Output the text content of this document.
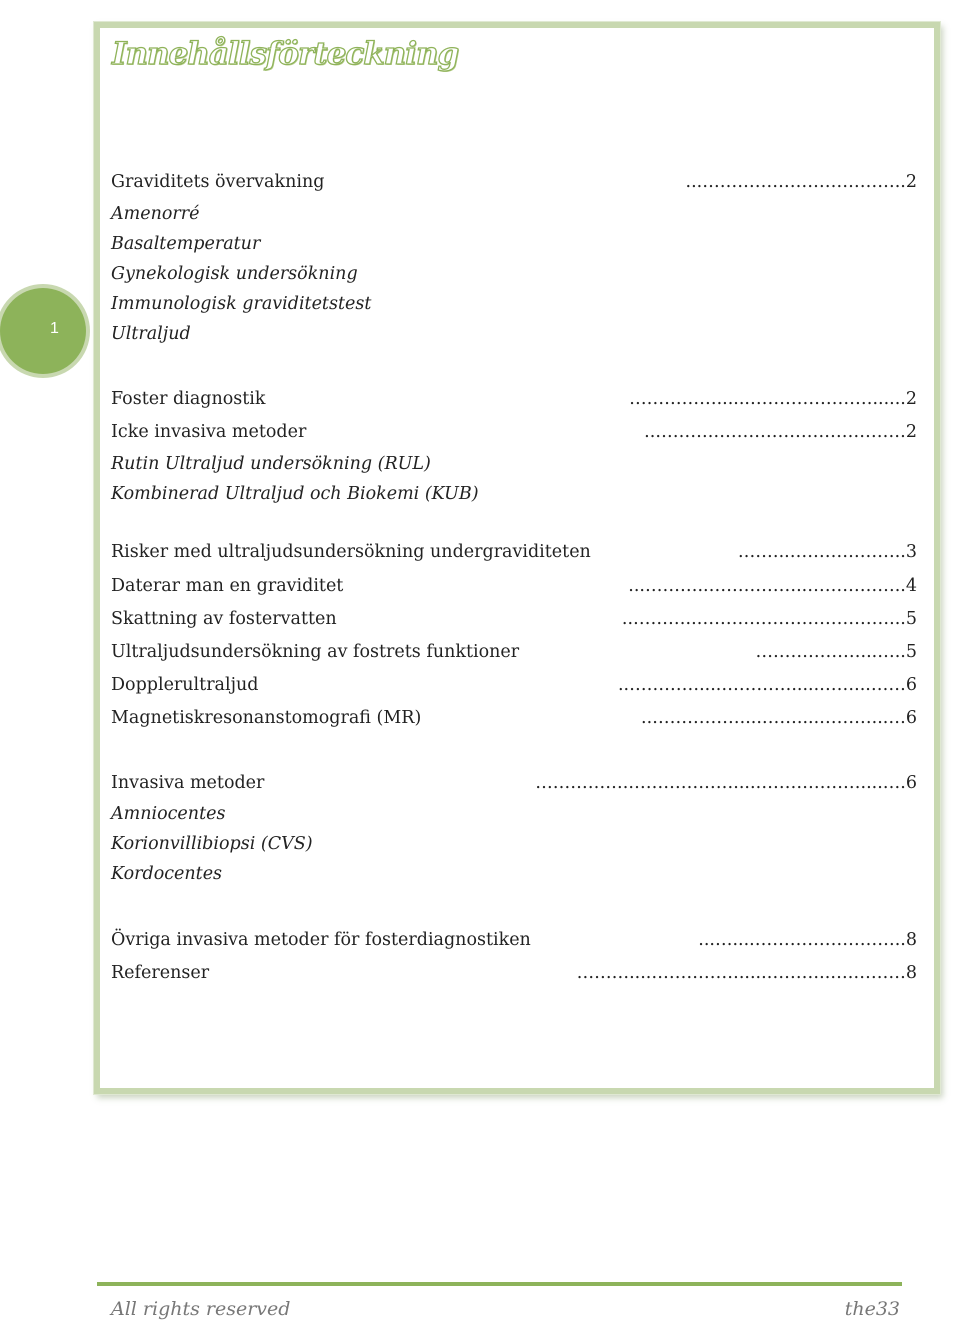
Innehållsförteckning
1
...……………………………..2
Graviditets övervakning
Amenorré
Basaltemperatur
Gynekologisk undersökning
Immunologisk graviditetstest
Ultraljud
……………......…………………......2
Foster diagnostik
..……….……………………………2
Icke invasiva metoder
Rutin Ultraljud undersökning (RUL)
Kombinerad Ultraljud och Biokemi (KUB)
.……..………………..3
Risker med ultraljudsundersökning undergraviditeten
...………..……………..……………..4
Daterar man en graviditet
..………..……………………………...5
Skattning av fostervatten
………………...…..5
Ultraljudsundersökning av fostrets funktioner
..…………....………….....……...……6
Dopplerultraljud
..……………....……....………...…6
Magnetiskresonanstomografi (MR)
…………….………………....………………....….6
Invasiva metoder
Amniocentes
Korionvillibiopsi (CVS)
Kordocentes
...…....……………………..8
Övriga invasiva metoder för fosterdiagnostiken
………....…………….....………..….………8
Referenser
All rights reserved	the33
